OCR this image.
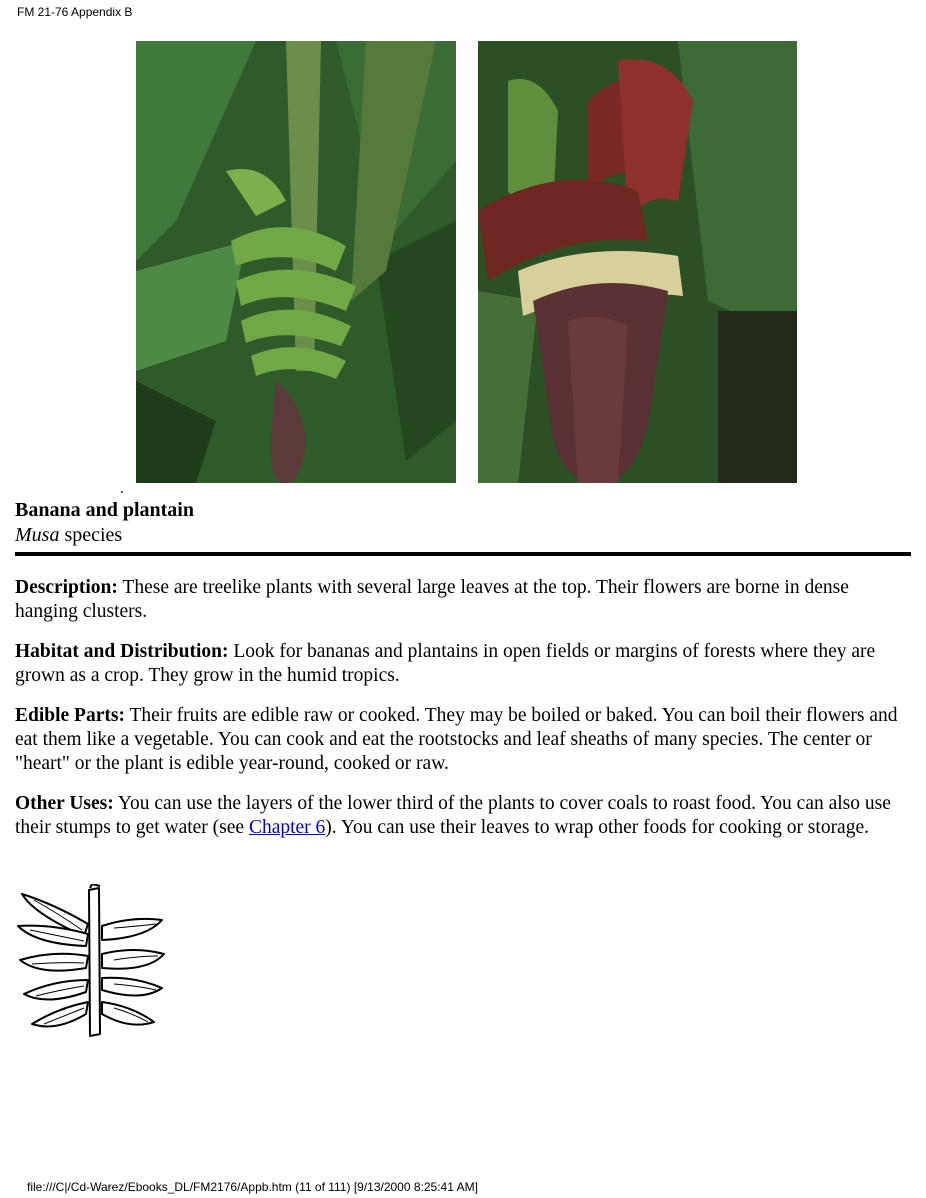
FM 21-76 Appendix B
Banana and plantain
Musa species

Description: These are treelike plants with several large leaves at the top. Their flowers are borne in dense hanging clusters.

Habitat and Distribution: Look for bananas and plantains in open fields or margins of forests where they are grown as a crop. They grow in the humid tropics.

Edible Parts: Their fruits are edible raw or cooked. They may be boiled or baked. You can boil their flowers and eat them like a vegetable. You can cook and eat the rootstocks and leaf sheaths of many species. The center or "heart" or the plant is edible year-round, cooked or raw.

Other Uses: You can use the layers of the lower third of the plants to cover coals to roast food. You can also use their stumps to get water (see Chapter 6). You can use their leaves to wrap other foods for cooking or storage.

file:///C|/Cd-Warez/Ebooks_DL/FM2176/Appb.htm (11 of 111) [9/13/2000 8:25:41 AM]
